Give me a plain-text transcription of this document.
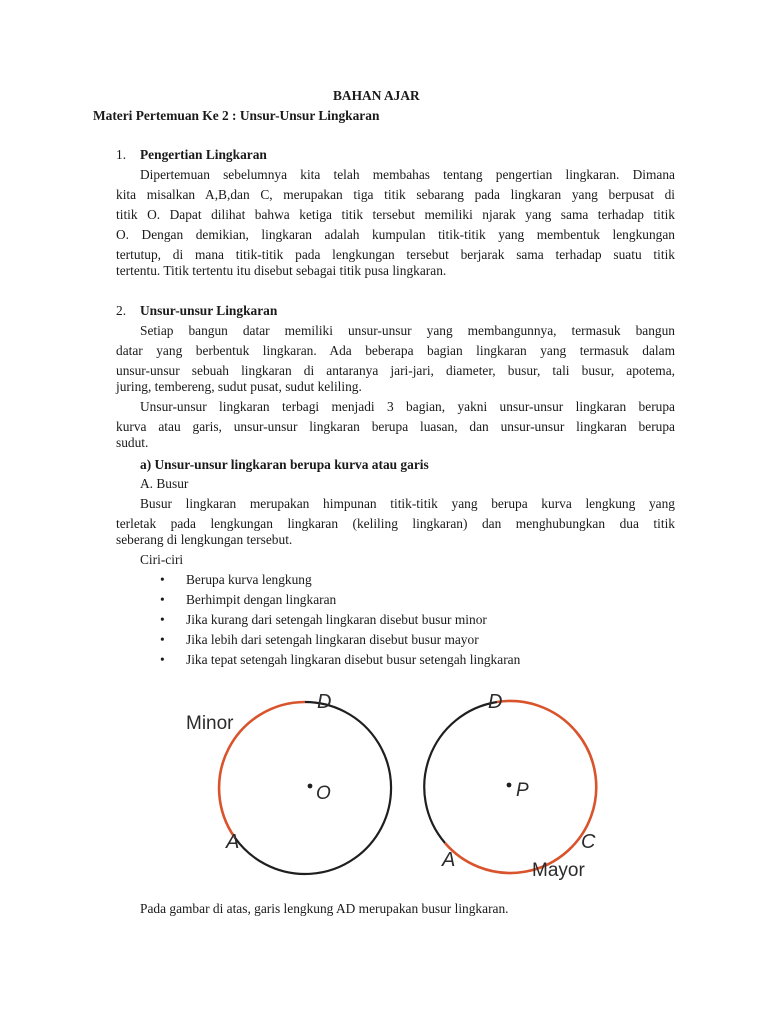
BAHAN AJAR
Materi Pertemuan Ke 2 : Unsur-Unsur Lingkaran
1. Pengertian Lingkaran
Dipertemuan sebelumnya kita telah membahas tentang pengertian lingkaran. Dimana
kita misalkan A,B,dan C, merupakan tiga titik sebarang pada lingkaran yang berpusat di
titik O. Dapat dilihat bahwa ketiga titik tersebut memiliki njarak yang sama terhadap titik
O. Dengan demikian, lingkaran adalah kumpulan titik-titik yang membentuk lengkungan
tertutup, di mana titik-titik pada lengkungan tersebut berjarak sama terhadap suatu titik
tertentu. Titik tertentu itu disebut sebagai titik pusa lingkaran.
2. Unsur-unsur Lingkaran
Setiap bangun datar memiliki unsur-unsur yang membangunnya, termasuk bangun
datar yang berbentuk lingkaran. Ada beberapa bagian lingkaran yang termasuk dalam
unsur-unsur sebuah lingkaran di antaranya jari-jari, diameter, busur, tali busur, apotema,
juring, tembereng, sudut pusat, sudut keliling.
Unsur-unsur lingkaran terbagi menjadi 3 bagian, yakni unsur-unsur lingkaran berupa
kurva atau garis, unsur-unsur lingkaran berupa luasan, dan unsur-unsur lingkaran berupa
sudut.
a) Unsur-unsur lingkaran berupa kurva atau garis
A. Busur
Busur lingkaran merupakan himpunan titik-titik yang berupa kurva lengkung yang
terletak pada lengkungan lingkaran (keliling lingkaran) dan menghubungkan dua titik
seberang di lengkungan tersebut.
Ciri-ciri
• Berupa kurva lengkung
• Berhimpit dengan lingkaran
• Jika kurang dari setengah lingkaran disebut busur minor
• Jika lebih dari setengah lingkaran disebut busur mayor
• Jika tepat setengah lingkaran disebut busur setengah lingkaran
Minor
D
O
A
D
P
C
A	Mayor
Pada gambar di atas, garis lengkung AD merupakan busur lingkaran.
